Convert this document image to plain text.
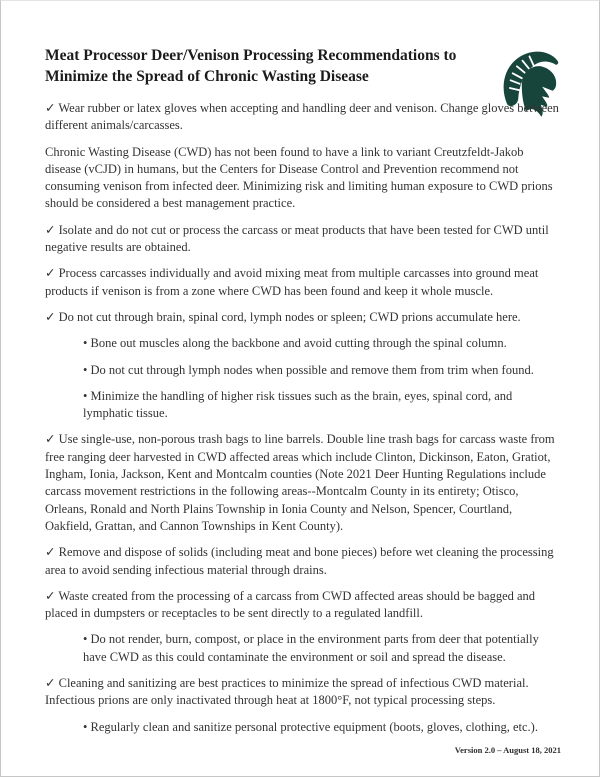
Meat Processor Deer/Venison Processing Recommendations to
Minimize the Spread of Chronic Wasting Disease

✓ Wear rubber or latex gloves when accepting and handling deer and venison. Change gloves between different animals/carcasses.

Chronic Wasting Disease (CWD) has not been found to have a link to variant Creutzfeldt-Jakob disease (vCJD) in humans, but the Centers for Disease Control and Prevention recommend not consuming venison from infected deer. Minimizing risk and limiting human exposure to CWD prions should be considered a best management practice.

✓ Isolate and do not cut or process the carcass or meat products that have been tested for CWD until negative results are obtained.

✓ Process carcasses individually and avoid mixing meat from multiple carcasses into ground meat products if venison is from a zone where CWD has been found and keep it whole muscle.

✓ Do not cut through brain, spinal cord, lymph nodes or spleen; CWD prions accumulate here.

• Bone out muscles along the backbone and avoid cutting through the spinal column.

• Do not cut through lymph nodes when possible and remove them from trim when found.

• Minimize the handling of higher risk tissues such as the brain, eyes, spinal cord, and lymphatic tissue.

✓ Use single-use, non-porous trash bags to line barrels. Double line trash bags for carcass waste from free ranging deer harvested in CWD affected areas which include Clinton, Dickinson, Eaton, Gratiot, Ingham, Ionia, Jackson, Kent and Montcalm counties (Note 2021 Deer Hunting Regulations include carcass movement restrictions in the following areas--Montcalm County in its entirety; Otisco, Orleans, Ronald and North Plains Township in Ionia County and Nelson, Spencer, Courtland, Oakfield, Grattan, and Cannon Townships in Kent County).

✓ Remove and dispose of solids (including meat and bone pieces) before wet cleaning the processing area to avoid sending infectious material through drains.

✓ Waste created from the processing of a carcass from CWD affected areas should be bagged and placed in dumpsters or receptacles to be sent directly to a regulated landfill.

• Do not render, burn, compost, or place in the environment parts from deer that potentially have CWD as this could contaminate the environment or soil and spread the disease.

✓ Cleaning and sanitizing are best practices to minimize the spread of infectious CWD material. Infectious prions are only inactivated through heat at 1800°F, not typical processing steps.

• Regularly clean and sanitize personal protective equipment (boots, gloves, clothing, etc.).

Version 2.0 – August 18, 2021
